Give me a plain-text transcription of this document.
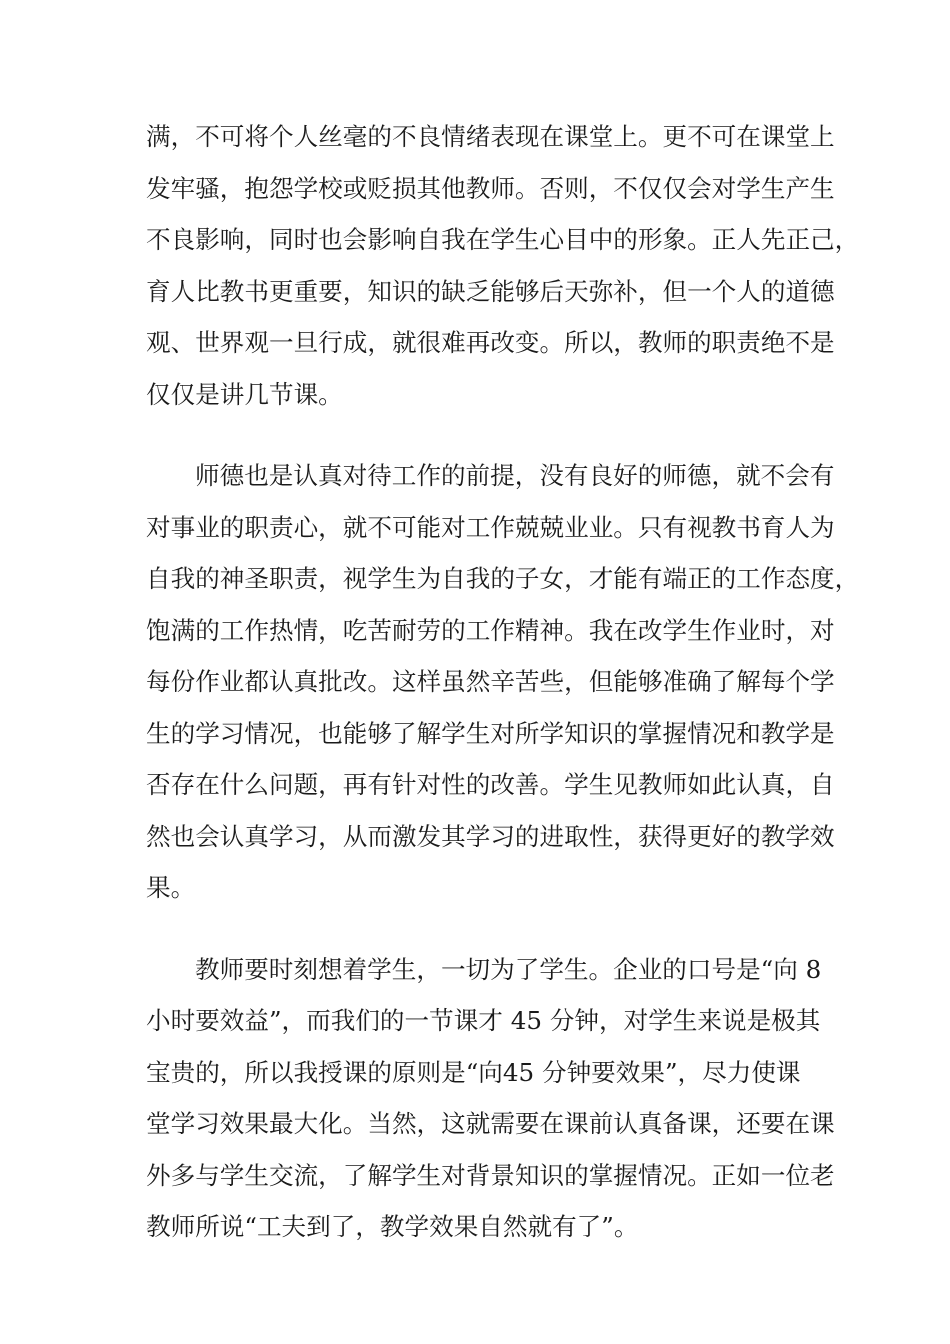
满，不可将个人丝毫的不良情绪表现在课堂上。更不可在课堂上
发牢骚，抱怨学校或贬损其他教师。否则，不仅仅会对学生产生
不良影响，同时也会影响自我在学生心目中的形象。正人先正己，
育人比教书更重要，知识的缺乏能够后天弥补，但一个人的道德
观、世界观一旦行成，就很难再改变。所以，教师的职责绝不是
仅仅是讲几节课。
师德也是认真对待工作的前提，没有良好的师德，就不会有
对事业的职责心，就不可能对工作兢兢业业。只有视教书育人为
自我的神圣职责，视学生为自我的子女，才能有端正的工作态度，
饱满的工作热情，吃苦耐劳的工作精神。我在改学生作业时，对
每份作业都认真批改。这样虽然辛苦些，但能够准确了解每个学
生的学习情况，也能够了解学生对所学知识的掌握情况和教学是
否存在什么问题，再有针对性的改善。学生见教师如此认真，自
然也会认真学习，从而激发其学习的进取性，获得更好的教学效
果。
教师要时刻想着学生，一切为了学生。企业的口号是“向 8
小时要效益”，而我们的一节课才 45 分钟，对学生来说是极其
宝贵的，所以我授课的原则是“向45 分钟要效果”，尽力使课
堂学习效果最大化。当然，这就需要在课前认真备课，还要在课
外多与学生交流，了解学生对背景知识的掌握情况。正如一位老
教师所说“工夫到了，教学效果自然就有了”。
